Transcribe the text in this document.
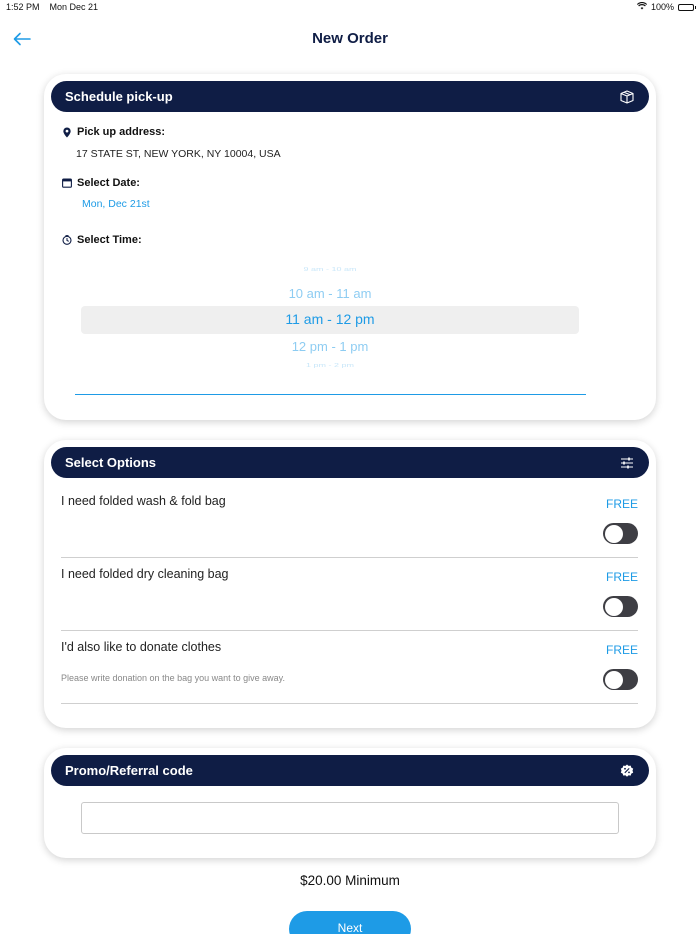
1:52 PM Mon Dec 21	100%
New Order
Schedule pick-up
Pick up address:
17 STATE ST, NEW YORK, NY 10004, USA
Select Date:
Mon, Dec 21st
Select Time:
9 am - 10 am
10 am - 11 am
11 am - 12 pm
12 pm - 1 pm
1 pm - 2 pm
Select Options
I need folded wash & fold bag	FREE
I need folded dry cleaning bag	FREE
I'd also like to donate clothes	FREE
Please write donation on the bag you want to give away.
Promo/Referral code
$20.00 Minimum
Next
